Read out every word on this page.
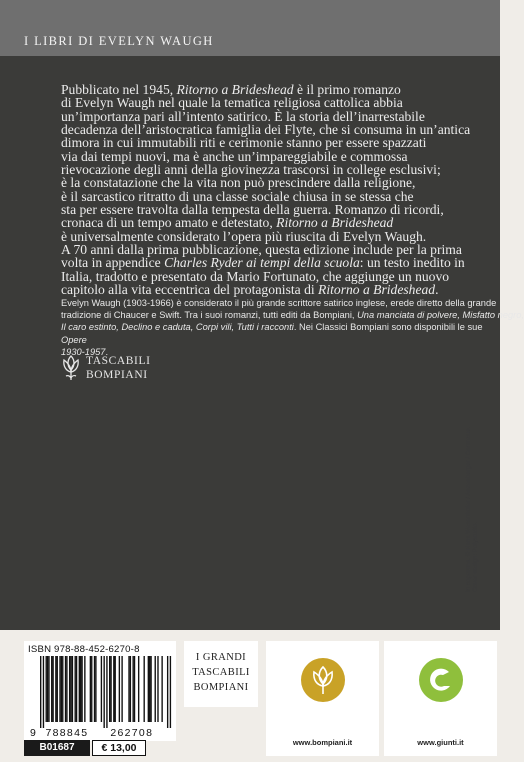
I LIBRI DI EVELYN WAUGH
Pubblicato nel 1945, Ritorno a Brideshead è il primo romanzo
di Evelyn Waugh nel quale la tematica religiosa cattolica abbia
un’importanza pari all’intento satirico. È la storia dell’inarrestabile
decadenza dell’aristocratica famiglia dei Flyte, che si consuma in un’antica
dimora in cui immutabili riti e cerimonie stanno per essere spazzati
via dai tempi nuovi, ma è anche un’impareggiabile e commossa
rievocazione degli anni della giovinezza trascorsi in college esclusivi;
è la constatazione che la vita non può prescindere dalla religione,
è il sarcastico ritratto di una classe sociale chiusa in se stessa che
sta per essere travolta dalla tempesta della guerra. Romanzo di ricordi,
cronaca di un tempo amato e detestato, Ritorno a Brideshead
è universalmente considerato l’opera più riuscita di Evelyn Waugh.
A 70 anni dalla prima pubblicazione, questa edizione include per la prima
volta in appendice Charles Ryder ai tempi della scuola: un testo inedito in
Italia, tradotto e presentato da Mario Fortunato, che aggiunge un nuovo
capitolo alla vita eccentrica del protagonista di Ritorno a Brideshead.
Evelyn Waugh (1903-1966) è considerato il più grande scrittore satirico inglese, erede diretto della grande
tradizione di Chaucer e Swift. Tra i suoi romanzi, tutti editi da Bompiani, Una manciata di polvere, Misfatto negro,
Il caro estinto, Declino e caduta, Corpi vili, Tutti i racconti. Nei Classici Bompiani sono disponibili le sue
Opere
1930-1957.
TASCABILI
BOMPIANI
In copertina: © Hans Wesenhofer / Anzenberger / Contrasto. Cover design: Polystudio.
ISBN 978-88-452-6270-8
9 788845 262708
B01687	€ 13,00
I GRANDI
TASCABILI
BOMPIANI
www.bompiani.it	www.giunti.it
